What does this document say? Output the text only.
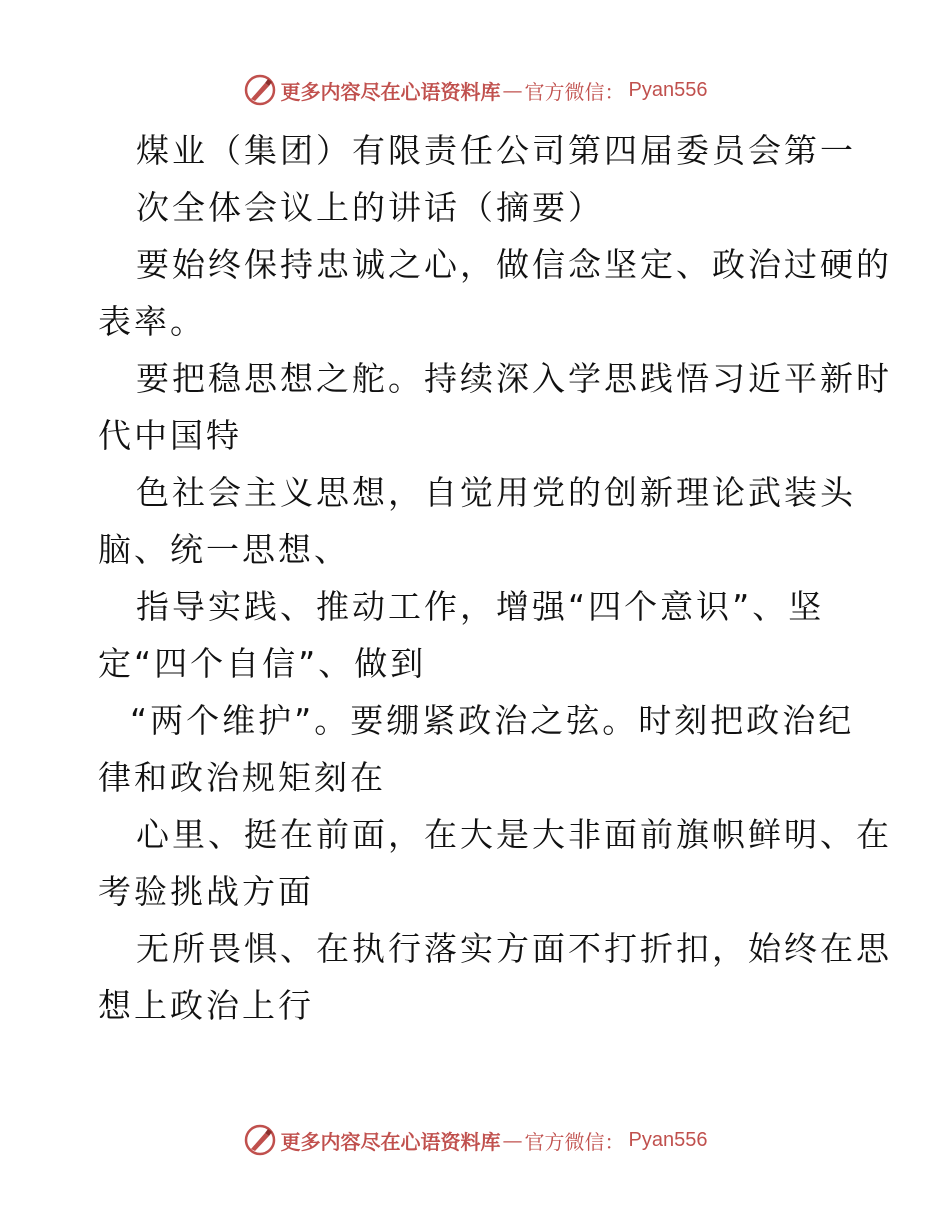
更多内容尽在心语资料库 — 官方微信： Pyan556
煤业（集团）有限责任公司第四届委员会第一
次全体会议上的讲话（摘要）
要始终保持忠诚之心，做信念坚定、政治过硬的
表率。
要把稳思想之舵。持续深入学思践悟习近平新时
代中国特
色社会主义思想，自觉用党的创新理论武装头
脑、统一思想、
指导实践、推动工作，增强“四个意识”、坚
定“四个自信”、做到
“两个维护”。要绷紧政治之弦。时刻把政治纪
律和政治规矩刻在
心里、挺在前面，在大是大非面前旗帜鲜明、在
考验挑战方面
无所畏惧、在执行落实方面不打折扣，始终在思
想上政治上行
更多内容尽在心语资料库 — 官方微信： Pyan556
